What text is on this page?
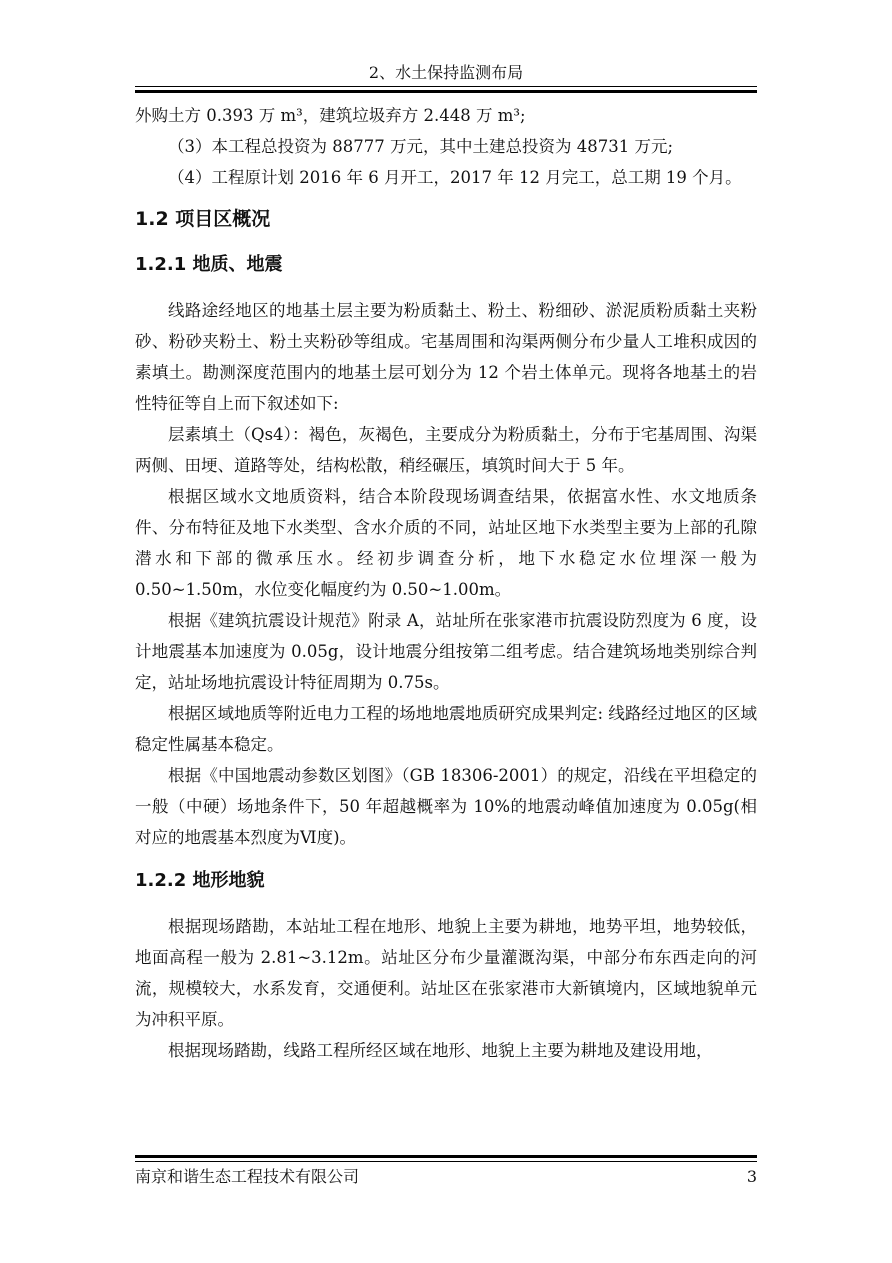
2、水土保持监测布局

外购土方 0.393 万 m³，建筑垃圾弃方 2.448 万 m³;

（3）本工程总投资为 88777 万元，其中土建总投资为 48731 万元;

（4）工程原计划 2016 年 6 月开工，2017 年 12 月完工，总工期 19 个月。

1.2 项目区概况
1.2.1 地质、地震

线路途经地区的地基土层主要为粉质黏土、粉土、粉细砂、淤泥质粉质黏土夹粉砂、粉砂夹粉土、粉土夹粉砂等组成。宅基周围和沟渠两侧分布少量人工堆积成因的素填土。勘测深度范围内的地基土层可划分为 12 个岩土体单元。现将各地基土的岩性特征等自上而下叙述如下:

层素填土（Qs4）：褐色，灰褐色，主要成分为粉质黏土，分布于宅基周围、沟渠两侧、田埂、道路等处，结构松散，稍经碾压，填筑时间大于 5 年。

根据区域水文地质资料，结合本阶段现场调查结果，依据富水性、水文地质条件、分布特征及地下水类型、含水介质的不同，站址区地下水类型主要为上部的孔隙潜水和下部的微承压水。经初步调查分析，地下水稳定水位埋深一般为 0.50~1.50m，水位变化幅度约为 0.50~1.00m。

根据《建筑抗震设计规范》附录 A，站址所在张家港市抗震设防烈度为 6 度，设计地震基本加速度为 0.05g，设计地震分组按第二组考虑。结合建筑场地类别综合判定，站址场地抗震设计特征周期为 0.75s。

根据区域地质等附近电力工程的场地地震地质研究成果判定: 线路经过地区的区域稳定性属基本稳定。

根据《中国地震动参数区划图》（GB 18306-2001）的规定，沿线在平坦稳定的一般（中硬）场地条件下，50 年超越概率为 10%的地震动峰值加速度为 0.05g(相对应的地震基本烈度为Ⅵ度)。

1.2.2 地形地貌

根据现场踏勘，本站址工程在地形、地貌上主要为耕地，地势平坦，地势较低，地面高程一般为 2.81~3.12m。站址区分布少量灌溉沟渠，中部分布东西走向的河流，规模较大，水系发育，交通便利。站址区在张家港市大新镇境内，区域地貌单元为冲积平原。

根据现场踏勘，线路工程所经区域在地形、地貌上主要为耕地及建设用地，

南京和谐生态工程技术有限公司	3
